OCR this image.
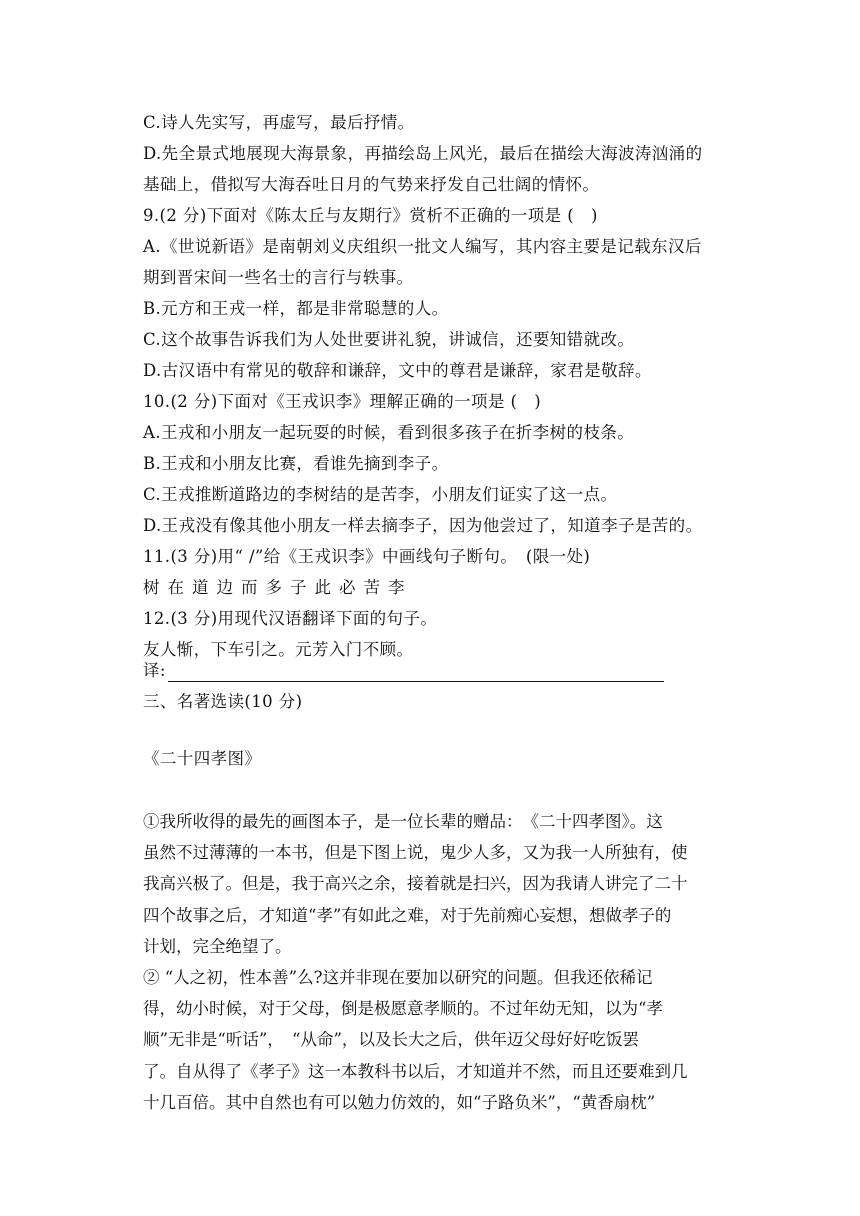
C.诗人先实写，再虚写，最后抒情。
D.先全景式地展现大海景象，再描绘岛上风光，最后在描绘大海波涛汹涌的
基础上，借拟写大海吞吐日月的气势来抒发自己壮阔的情怀。
9.(2 分)下面对《陈太丘与友期行》赏析不正确的一项是 (　)
A.《世说新语》是南朝刘义庆组织一批文人编写，其内容主要是记载东汉后
期到晋宋间一些名士的言行与轶事。
B.元方和王戎一样，都是非常聪慧的人。
C.这个故事告诉我们为人处世要讲礼貌，讲诚信，还要知错就改。
D.古汉语中有常见的敬辞和谦辞，文中的尊君是谦辞，家君是敬辞。
10.(2 分)下面对《王戎识李》理解正确的一项是 (　)
A.王戎和小朋友一起玩耍的时候，看到很多孩子在折李树的枝条。
B.王戎和小朋友比赛，看谁先摘到李子。
C.王戎推断道路边的李树结的是苦李，小朋友们证实了这一点。
D.王戎没有像其他小朋友一样去摘李子，因为他尝过了，知道李子是苦的。
11.(3 分)用“ /”给《王戎识李》中画线句子断句。　(限一处)
树在道边而多子此必苦李
12.(3 分)用现代汉语翻译下面的句子。
友人惭，下车引之。元芳入门不顾。
译:
三、名著选读(10 分)
《二十四孝图》
①我所收得的最先的画图本子，是一位长辈的赠品：　《二十四孝图》。这
虽然不过薄薄的一本书，但是下图上说，鬼少人多，又为我一人所独有，使
我高兴极了。但是，我于高兴之余，接着就是扫兴，因为我请人讲完了二十
四个故事之后，才知道“孝”有如此之难，对于先前痴心妄想，想做孝子的
计划，完全绝望了。
② “人之初，性本善”么?这并非现在要加以研究的问题。但我还依稀记
得，幼小时候，对于父母，倒是极愿意孝顺的。不过年幼无知，以为“孝
顺”无非是“听话”，　“从命”，以及长大之后，供年迈父母好好吃饭罢
了。自从得了《孝子》这一本教科书以后，才知道并不然，而且还要难到几
十几百倍。其中自然也有可以勉力仿效的，如“子路负米”，“黄香扇枕”
